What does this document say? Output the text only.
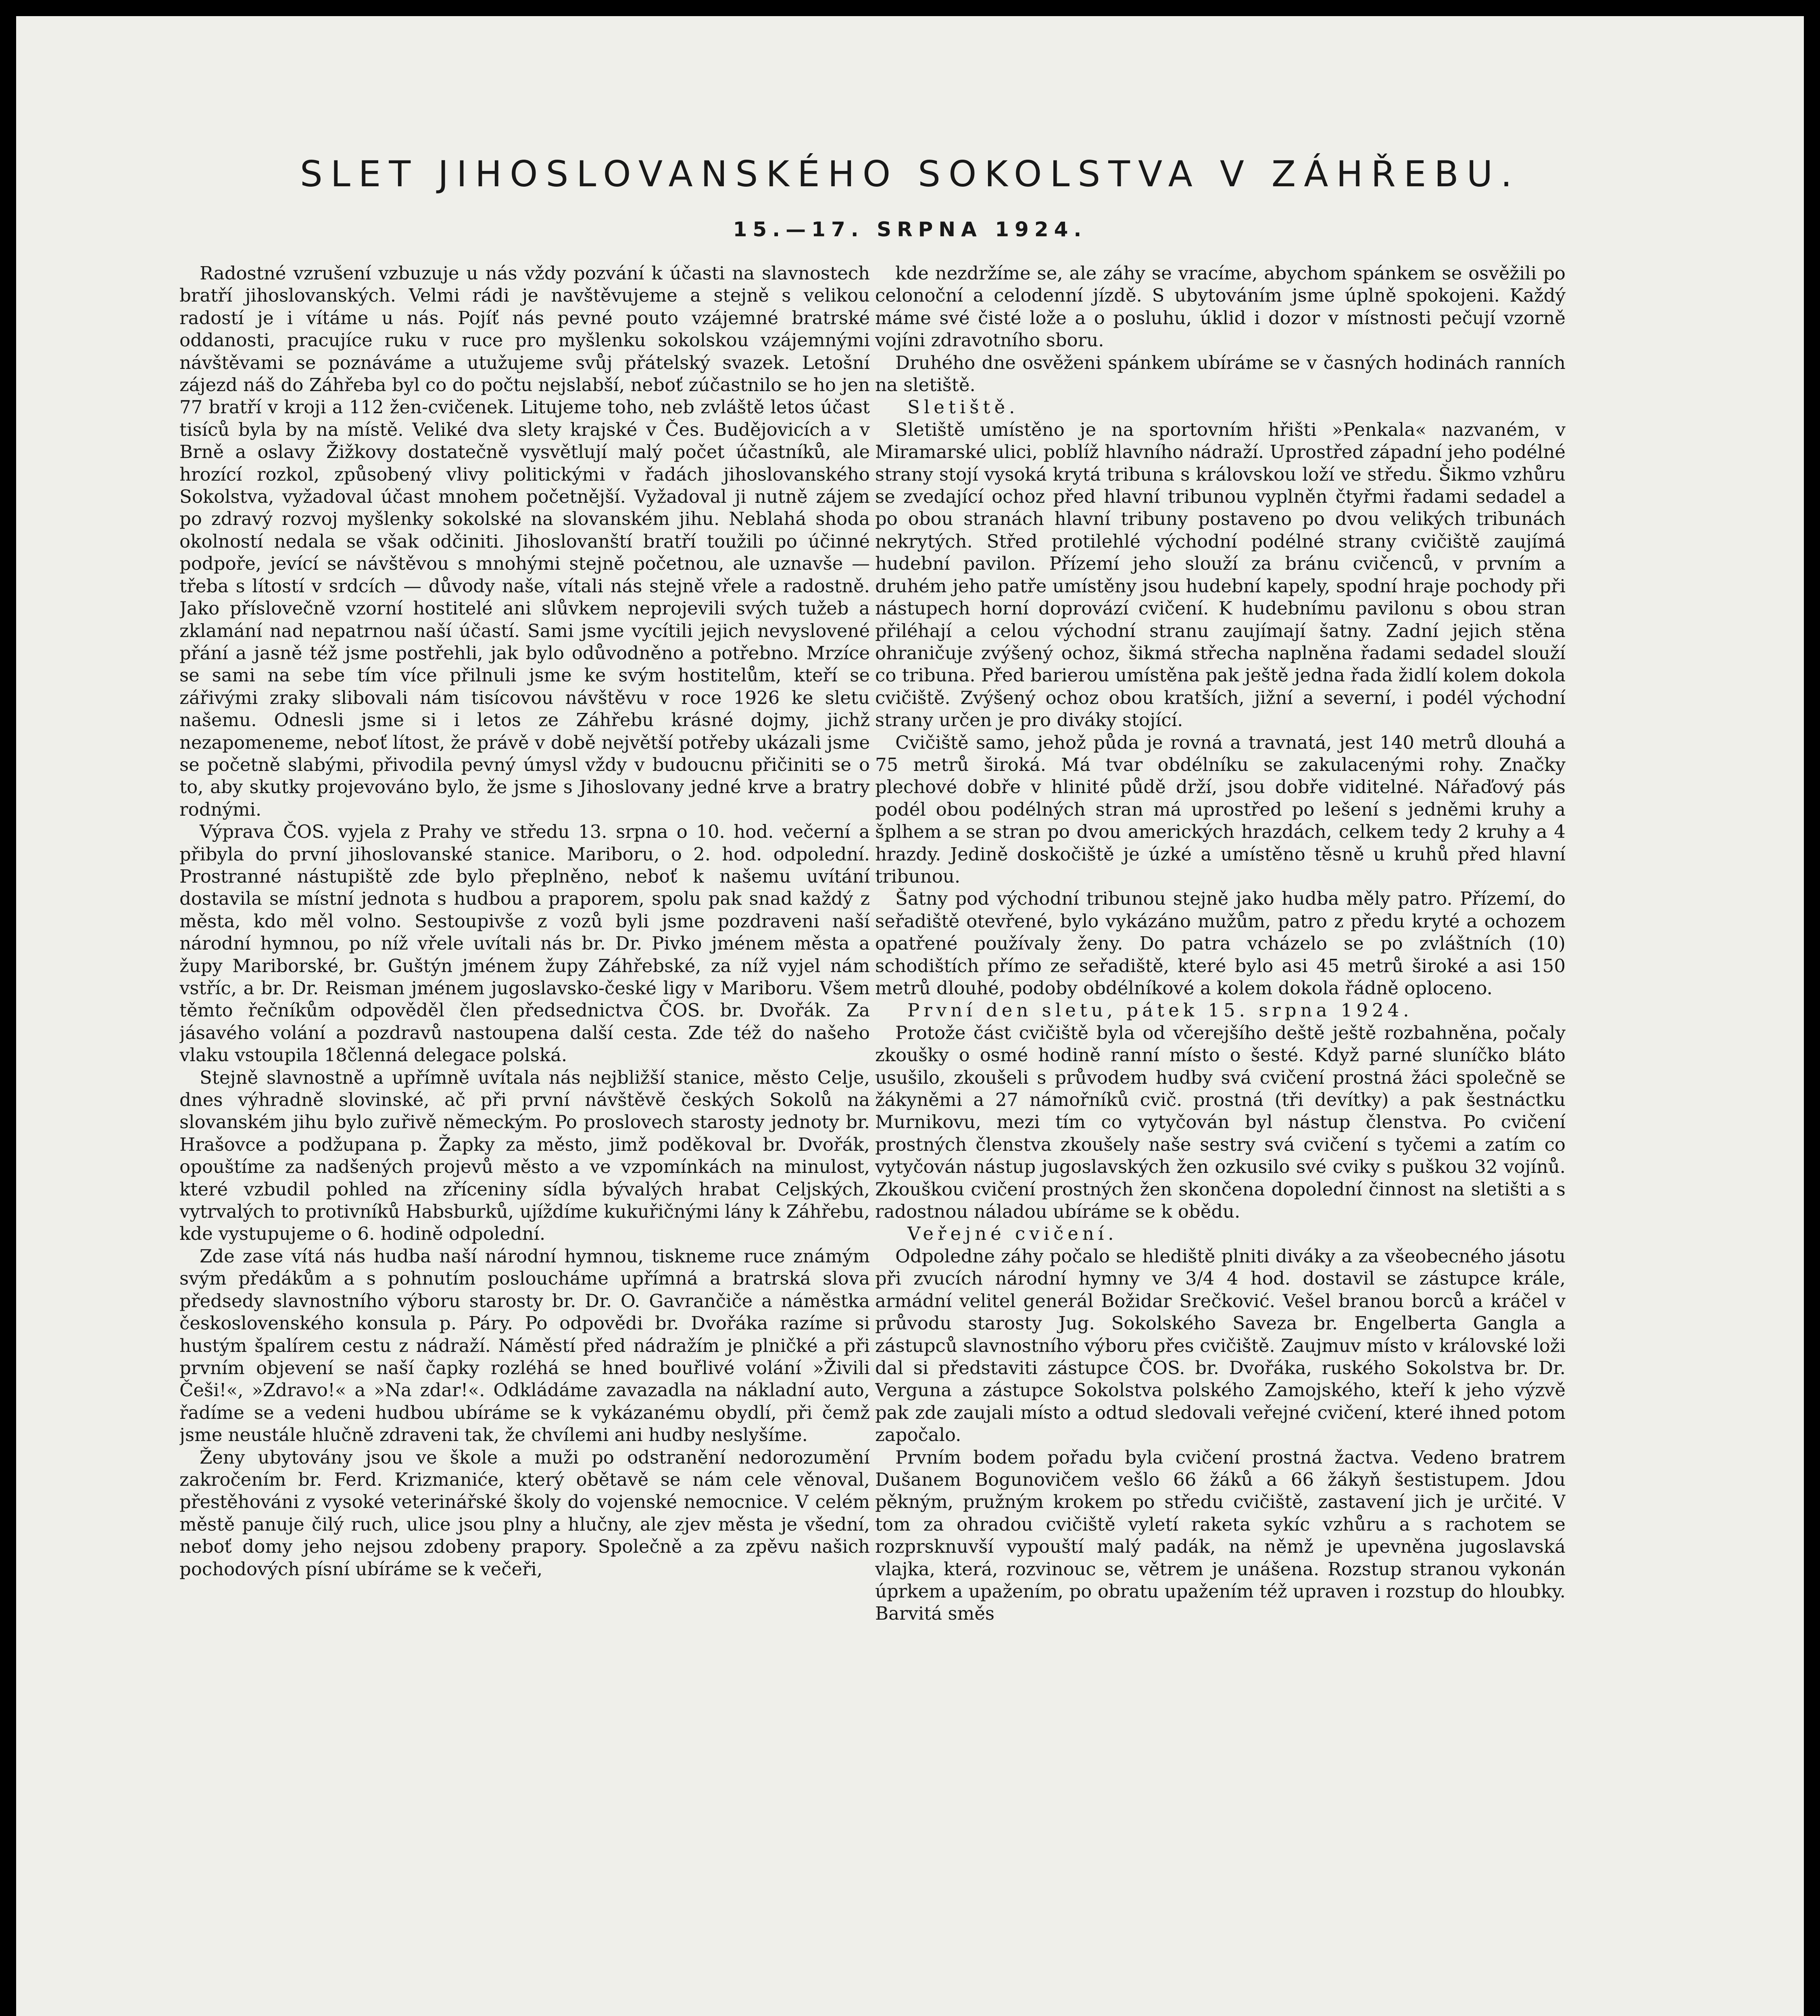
SLET JIHOSLOVANSKÉHO SOKOLSTVA V ZÁHŘEBU.
15.—17. SRPNA 1924.

Radostné vzrušení vzbuzuje u nás vždy pozvání k účasti na slavnostech bratří jihoslovanských. Velmi rádi je navštěvujeme a stejně s velikou radostí je i vítáme u nás. Pojíť nás pevné pouto vzájemné bratrské oddanosti, pracujíce ruku v ruce pro myšlenku sokolskou vzájemnými návštěvami se poznáváme a utužujeme svůj přátelský svazek. Letošní zájezd náš do Záhřeba byl co do počtu nejslabší, neboť zúčastnilo se ho jen 77 bratří v kroji a 112 žen-cvičenek. Litujeme toho, neb zvláště letos účast tisíců byla by na místě. Veliké dva slety krajské v Čes. Budějovicích a v Brně a oslavy Žižkovy dostatečně vysvětlují malý počet účastníků, ale hrozící rozkol, způsobený vlivy politickými v řadách jihoslovanského Sokolstva, vyžadoval účast mnohem početnější. Vyžadoval ji nutně zájem po zdravý rozvoj myšlenky sokolské na slovanském jihu. Neblahá shoda okolností nedala se však odčiniti. Jihoslovanští bratří toužili po účinné podpoře, jevící se návštěvou s mnohými stejně početnou, ale uznavše — třeba s lítostí v srdcích — důvody naše, vítali nás stejně vřele a radostně. Jako příslovečně vzorní hostitelé ani slůvkem neprojevili svých tužeb a zklamání nad nepatrnou naší účastí. Sami jsme vycítili jejich nevyslovené přání a jasně též jsme postřehli, jak bylo odůvodněno a potřebno. Mrzíce se sami na sebe tím více přilnuli jsme ke svým hostitelům, kteří se zářivými zraky slibovali nám tisícovou návštěvu v roce 1926 ke sletu našemu. Odnesli jsme si i letos ze Záhřebu krásné dojmy, jichž nezapomeneme, neboť lítost, že právě v době největší potřeby ukázali jsme se početně slabými, přivodila pevný úmysl vždy v budoucnu přičiniti se o to, aby skutky projevováno bylo, že jsme s Jihoslovany jedné krve a bratry rodnými.

Výprava ČOS. vyjela z Prahy ve středu 13. srpna o 10. hod. večerní a přibyla do první jihoslovanské stanice. Mariboru, o 2. hod. odpolední. Prostranné nástupiště zde bylo přeplněno, neboť k našemu uvítání dostavila se místní jednota s hudbou a praporem, spolu pak snad každý z města, kdo měl volno. Sestoupivše z vozů byli jsme pozdraveni naší národní hymnou, po níž vřele uvítali nás br. Dr. Pivko jménem města a župy Mariborské, br. Guštýn jménem župy Záhřebské, za níž vyjel nám vstříc, a br. Dr. Reisman jménem jugoslavsko-české ligy v Mariboru. Všem těmto řečníkům odpověděl člen předsednictva ČOS. br. Dvořák. Za jásavého volání a pozdravů nastoupena další cesta. Zde též do našeho vlaku vstoupila 18členná delegace polská.

Stejně slavnostně a upřímně uvítala nás nejbližší stanice, město Celje, dnes výhradně slovinské, ač při první návštěvě českých Sokolů na slovanském jihu bylo zuřivě německým. Po proslovech starosty jednoty br. Hrašovce a podžupana p. Žapky za město, jimž poděkoval br. Dvořák, opouštíme za nadšených projevů město a ve vzpomínkách na minulost, které vzbudil pohled na zříceniny sídla bývalých hrabat Celjských, vytrvalých to protivníků Habsburků, ujíždíme kukuřičnými lány k Záhřebu, kde vystupujeme o 6. hodině odpolední.

Zde zase vítá nás hudba naší národní hymnou, tiskneme ruce známým svým předákům a s pohnutím posloucháme upřímná a bratrská slova předsedy slavnostního výboru starosty br. Dr. O. Gavrančiče a náměstka československého konsula p. Páry. Po odpovědi br. Dvořáka razíme si hustým špalírem cestu z nádraží. Náměstí před nádražím je plničké a při prvním objevení se naší čapky rozléhá se hned bouřlivé volání »Živili Češi!«, »Zdravo!« a »Na zdar!«. Odkládáme zavazadla na nákladní auto, řadíme se a vedeni hudbou ubíráme se k vykázanému obydlí, při čemž jsme neustále hlučně zdraveni tak, že chvílemi ani hudby neslyšíme.

Ženy ubytovány jsou ve škole a muži po odstranění nedorozumění zakročením br. Ferd. Krizmaniće, který obětavě se nám cele věnoval, přestěhováni z vysoké veterinářské školy do vojenské nemocnice. V celém městě panuje čilý ruch, ulice jsou plny a hlučny, ale zjev města je všední, neboť domy jeho nejsou zdobeny prapory. Společně a za zpěvu našich pochodových písní ubíráme se k večeři,

kde nezdržíme se, ale záhy se vracíme, abychom spánkem se osvěžili po celonoční a celodenní jízdě. S ubytováním jsme úplně spokojeni. Každý máme své čisté lože a o posluhu, úklid i dozor v místnosti pečují vzorně vojíni zdravotního sboru.

Druhého dne osvěženi spánkem ubíráme se v časných hodinách ranních na sletiště.

Sletiště.

Sletiště umístěno je na sportovním hřišti »Penkala« nazvaném, v Miramarské ulici, poblíž hlavního nádraží. Uprostřed západní jeho podélné strany stojí vysoká krytá tribuna s královskou loží ve středu. Šikmo vzhůru se zvedající ochoz před hlavní tribunou vyplněn čtyřmi řadami sedadel a po obou stranách hlavní tribuny postaveno po dvou velikých tribunách nekrytých. Střed protilehlé východní podélné strany cvičiště zaujímá hudební pavilon. Přízemí jeho slouží za bránu cvičenců, v prvním a druhém jeho patře umístěny jsou hudební kapely, spodní hraje pochody při nástupech horní doprovází cvičení. K hudebnímu pavilonu s obou stran přiléhají a celou východní stranu zaujímají šatny. Zadní jejich stěna ohraničuje zvýšený ochoz, šikmá střecha naplněna řadami sedadel slouží co tribuna. Před barierou umístěna pak ještě jedna řada židlí kolem dokola cvičiště. Zvýšený ochoz obou kratších, jižní a severní, i podél východní strany určen je pro diváky stojící.

Cvičiště samo, jehož půda je rovná a travnatá, jest 140 metrů dlouhá a 75 metrů široká. Má tvar obdélníku se zakulacenými rohy. Značky plechové dobře v hlinité půdě drží, jsou dobře viditelné. Nářaďový pás podél obou podélných stran má uprostřed po lešení s jedněmi kruhy a šplhem a se stran po dvou amerických hrazdách, celkem tedy 2 kruhy a 4 hrazdy. Jedině doskočiště je úzké a umístěno těsně u kruhů před hlavní tribunou.

Šatny pod východní tribunou stejně jako hudba měly patro. Přízemí, do seřadiště otevřené, bylo vykázáno mužům, patro z předu kryté a ochozem opatřené používaly ženy. Do patra vcházelo se po zvláštních (10) schodištích přímo ze seřadiště, které bylo asi 45 metrů široké a asi 150 metrů dlouhé, podoby obdélníkové a kolem dokola řádně oploceno.

První den sletu, pátek 15. srpna 1924.

Protože část cvičiště byla od včerejšího deště ještě rozbahněna, počaly zkoušky o osmé hodině ranní místo o šesté. Když parné sluníčko bláto usušilo, zkoušeli s průvodem hudby svá cvičení prostná žáci společně se žákyněmi a 27 námořníků cvič. prostná (tři devítky) a pak šestnáctku Murnikovu, mezi tím co vytyčován byl nástup členstva. Po cvičení prostných členstva zkoušely naše sestry svá cvičení s tyčemi a zatím co vytyčován nástup jugoslavských žen ozkusilo své cviky s puškou 32 vojínů. Zkouškou cvičení prostných žen skončena dopolední činnost na sletišti a s radostnou náladou ubíráme se k obědu.

Veřejné cvičení.

Odpoledne záhy počalo se hlediště plniti diváky a za všeobecného jásotu při zvucích národní hymny ve 3/4 4 hod. dostavil se zástupce krále, armádní velitel generál Božidar Srečković. Vešel branou borců a kráčel v průvodu starosty Jug. Sokolského Saveza br. Engelberta Gangla a zástupců slavnostního výboru přes cvičiště. Zaujmuv místo v královské loži dal si představiti zástupce ČOS. br. Dvořáka, ruského Sokolstva br. Dr. Verguna a zástupce Sokolstva polského Zamojského, kteří k jeho výzvě pak zde zaujali místo a odtud sledovali veřejné cvičení, které ihned potom započalo.

Prvním bodem pořadu byla cvičení prostná žactva. Vedeno bratrem Dušanem Bogunovičem vešlo 66 žáků a 66 žákyň šestistupem. Jdou pěkným, pružným krokem po středu cvičiště, zastavení jich je určité. V tom za ohradou cvičiště vyletí raketa sykíc vzhůru a s rachotem se rozprsknuvší vypouští malý padák, na němž je upevněna jugoslavská vlajka, která, rozvinouc se, větrem je unášena. Rozstup stranou vykonán úprkem a upažením, po obratu upažením též upraven i rozstup do hloubky. Barvitá směs
